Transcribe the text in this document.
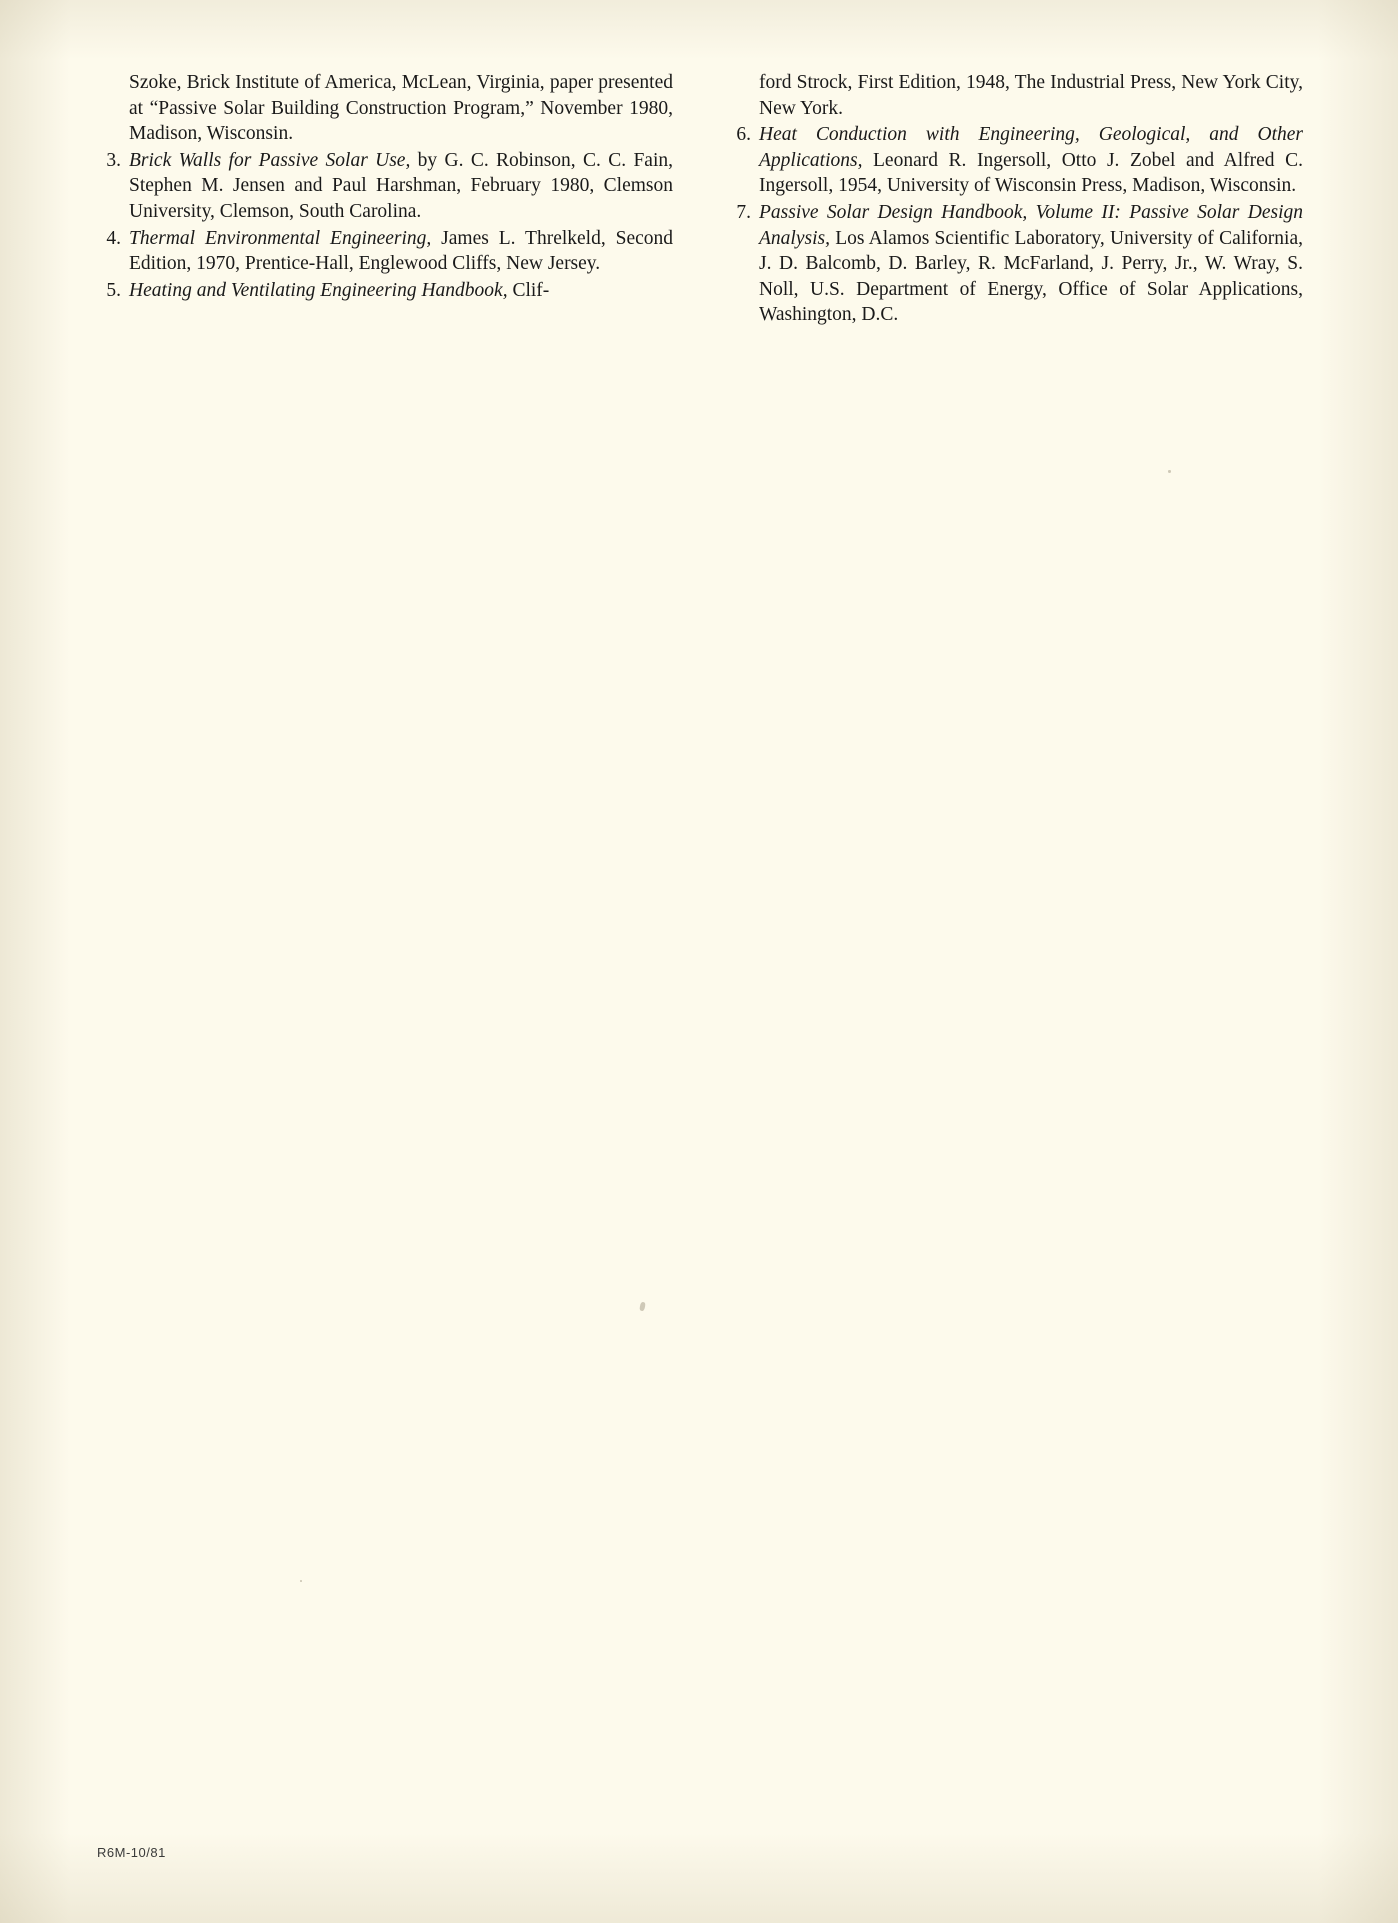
Szoke, Brick Institute of America, McLean, Virginia, paper presented at “Passive Solar Building Construction Program,” November 1980, Madison, Wisconsin.

3. Brick Walls for Passive Solar Use, by G. C. Robinson, C. C. Fain, Stephen M. Jensen and Paul Harshman, February 1980, Clemson University, Clemson, South Carolina.
4. Thermal Environmental Engineering, James L. Threlkeld, Second Edition, 1970, Prentice-Hall, Englewood Cliffs, New Jersey.
5. Heating and Ventilating Engineering Handbook, Clif-

ford Strock, First Edition, 1948, The Industrial Press, New York City, New York.

6. Heat Conduction with Engineering, Geological, and Other Applications, Leonard R. Ingersoll, Otto J. Zobel and Alfred C. Ingersoll, 1954, University of Wisconsin Press, Madison, Wisconsin.
7. Passive Solar Design Handbook, Volume II: Passive Solar Design Analysis, Los Alamos Scientific Laboratory, University of California, J. D. Balcomb, D. Barley, R. McFarland, J. Perry, Jr., W. Wray, S. Noll, U.S. Department of Energy, Office of Solar Applications, Washington, D.C.
R6M-10/81
